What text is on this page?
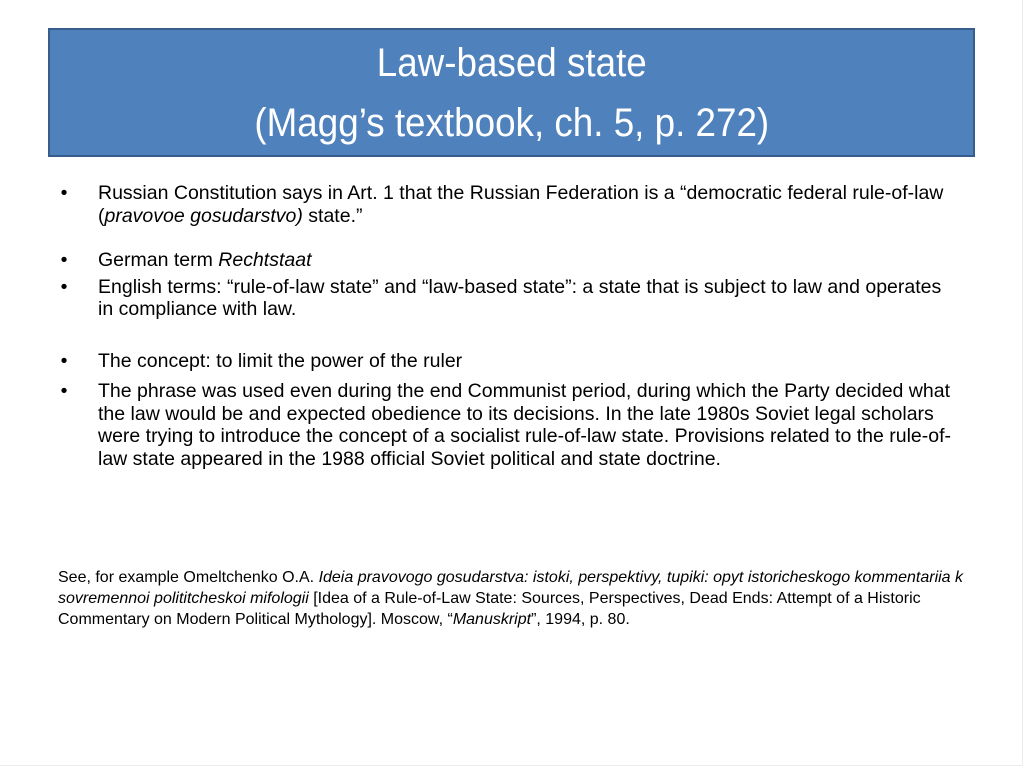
Law-based state
(Magg’s textbook, ch. 5, p. 272)
• Russian Constitution says in Art. 1 that the Russian Federation is a “democratic federal rule-of-law (pravovoe gosudarstvo) state.”
• German term Rechtstaat
• English terms: “rule-of-law state” and “law-based state”: a state that is subject to law and operates in compliance with law.
• The concept: to limit the power of the ruler
• The phrase was used even during the end Communist period, during which the Party decided what the law would be and expected obedience to its decisions. In the late 1980s Soviet legal scholars were trying to introduce the concept of a socialist rule-of-law state. Provisions related to the rule-of-law state appeared in the 1988 official Soviet political and state doctrine.
See, for example Omeltchenko O.A. Ideia pravovogo gosudarstva: istoki, perspektivy, tupiki: opyt istoricheskogo kommentariia k sovremennoi polititcheskoi mifologii [Idea of a Rule-of-Law State: Sources, Perspectives, Dead Ends: Attempt of a Historic Commentary on Modern Political Mythology]. Moscow, “Manuskript”, 1994, p. 80.
